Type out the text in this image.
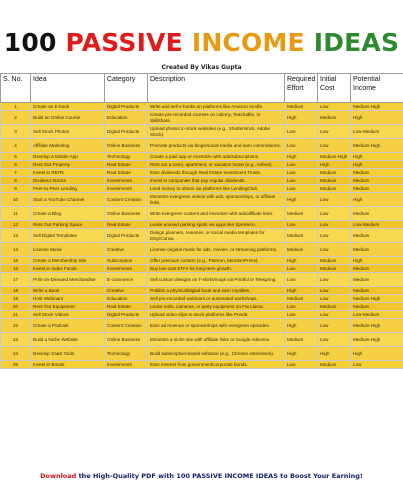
100 PASSIVE INCOME IDEAS
Created By Vikas Gupta
S. No.	Idea	Category	Description	Required Effort	Initial Cost	Potential Income
1	Create an E-book	Digital Products	Write and sell e-books on platforms like Amazon Kindle.	Medium	Low	Medium-High
2	Build an Online Course	Education	Create pre-recorded courses on Udemy, Teachable, or Skillshare.	High	Medium	High
3	Sell Stock Photos	Digital Products	Upload photos to stock websites (e.g., Shutterstock, Adobe Stock).	Low	Low	Low-Medium
4	Affiliate Marketing	Online Business	Promote products via blogs/social media and earn commissions.	Low	Low	Medium-High
5	Develop a Mobile App	Technology	Create a paid app or monetize with ads/subscriptions.	High	Medium-High	High
6	Rent Out Property	Real Estate	Rent out a room, apartment, or vacation home (e.g., Airbnb).	Low	High	High
7	Invest in REITs	Real Estate	Earn dividends through Real Estate Investment Trusts.	Low	Medium	Medium
8	Dividend Stocks	Investments	Invest in companies that pay regular dividends.	Low	Medium	Medium
9	Peer-to-Peer Lending	Investments	Lend money to others via platforms like LendingClub.	Low	Medium	Medium
10	Start a YouTube Channel	Content Creation	Monetize evergreen videos with ads, sponsorships, or affiliate links.	High	Low	High
11	Create a Blog	Online Business	Write evergreen content and monetize with ads/affiliate links.	Medium	Low	Medium
12	Rent Out Parking Space	Real Estate	Lease unused parking spots via apps like SpotHero.	Low	Low	Low-Medium
13	Sell Digital Templates	Digital Products	Design planners, resumes, or social media templates for Etsy/Canva.	Medium	Low	Medium
14	License Music	Creative	License original music for ads, movies, or streaming platforms.	Medium	Low	Medium
15	Create a Membership Site	Subscription	Offer premium content (e.g., Patreon, MemberPress).	High	Medium	High
16	Invest in Index Funds	Investments	Buy low-cost ETFs for long-term growth.	Low	Medium	Medium
17	Print-on-Demand Merchandise	E-commerce	Sell custom designs on T-shirts/mugs via Printful or Teespring.	Low	Low	Medium
18	Write a Book	Creative	Publish a physical/digital book and earn royalties.	High	Low	Medium
19	Host Webinars	Education	Sell pre-recorded webinars or automated workshops.	Medium	Low	Medium-High
20	Rent Out Equipment	Real Estate	Lease tools, cameras, or party equipment on Fat Llama.	Low	Medium	Medium
21	Sell Stock Videos	Digital Products	Upload video clips to stock platforms like Pond5.	Low	Low	Low-Medium
22	Create a Podcast	Content Creation	Earn ad revenue or sponsorships with evergreen episodes.	High	Low	Medium-High
23	Build a Niche Website	Online Business	Monetize a niche site with affiliate links or Google Adsense.	Medium	Low	Medium-High
24	Develop SaaS Tools	Technology	Build subscription-based software (e.g., Chrome extensions).	High	High	High
25	Invest in Bonds	Investments	Earn interest from government/corporate bonds.	Low	Medium	Low
Download the High-Quality PDF with 100 PASSIVE INCOME IDEAS to Boost Your Earning!
